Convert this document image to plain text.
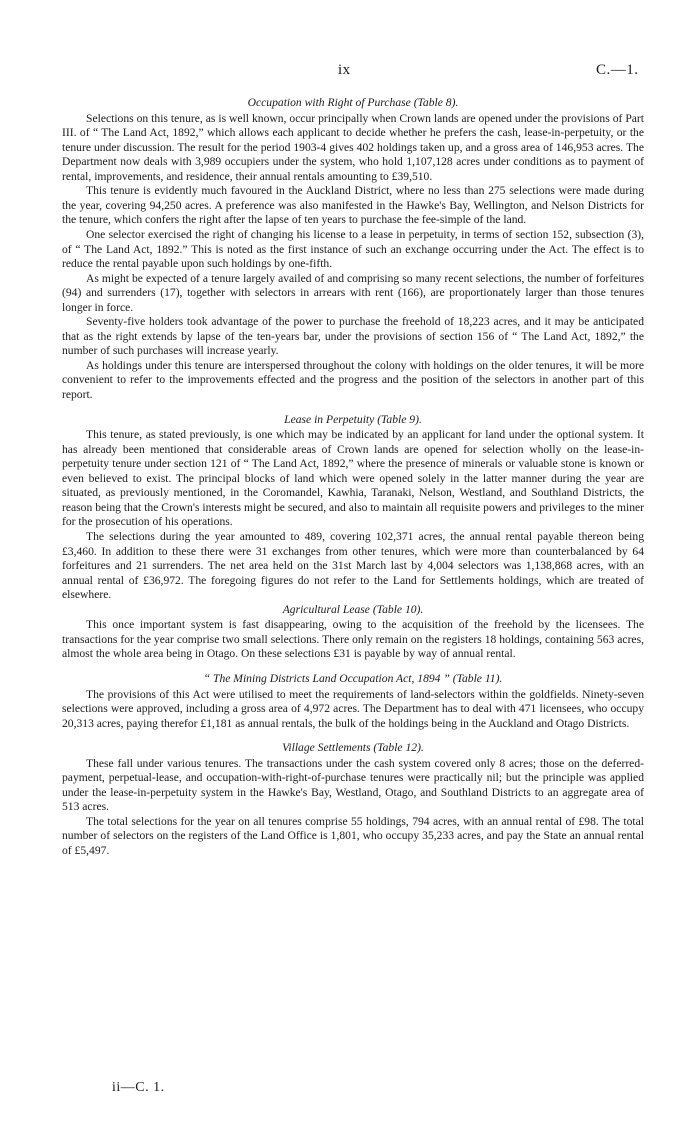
ix	C.—1.
Occupation with Right of Purchase (Table 8).

Selections on this tenure, as is well known, occur principally when Crown lands are opened under the provisions of Part III. of “ The Land Act, 1892,” which allows each applicant to decide whether he prefers the cash, lease-in-perpetuity, or the tenure under discussion. The result for the period 1903-4 gives 402 holdings taken up, and a gross area of 146,953 acres. The Department now deals with 3,989 occupiers under the system, who hold 1,107,128 acres under conditions as to payment of rental, improvements, and residence, their annual rentals amounting to £39,510.

This tenure is evidently much favoured in the Auckland District, where no less than 275 selections were made during the year, covering 94,250 acres. A preference was also manifested in the Hawke's Bay, Wellington, and Nelson Districts for the tenure, which confers the right after the lapse of ten years to purchase the fee-simple of the land.

One selector exercised the right of changing his license to a lease in perpetuity, in terms of section 152, subsection (3), of “ The Land Act, 1892.” This is noted as the first instance of such an exchange occurring under the Act. The effect is to reduce the rental payable upon such holdings by one-fifth.

As might be expected of a tenure largely availed of and comprising so many recent selections, the number of forfeitures (94) and surrenders (17), together with selectors in arrears with rent (166), are proportionately larger than those tenures longer in force.

Seventy-five holders took advantage of the power to purchase the freehold of 18,223 acres, and it may be anticipated that as the right extends by lapse of the ten-years bar, under the provisions of section 156 of “ The Land Act, 1892,” the number of such purchases will increase yearly.

As holdings under this tenure are interspersed throughout the colony with holdings on the older tenures, it will be more convenient to refer to the improvements effected and the progress and the position of the selectors in another part of this report.

Lease in Perpetuity (Table 9).

This tenure, as stated previously, is one which may be indicated by an applicant for land under the optional system. It has already been mentioned that considerable areas of Crown lands are opened for selection wholly on the lease-in-perpetuity tenure under section 121 of “ The Land Act, 1892,” where the presence of minerals or valuable stone is known or even believed to exist. The principal blocks of land which were opened solely in the latter manner during the year are situated, as previously mentioned, in the Coromandel, Kawhia, Taranaki, Nelson, Westland, and Southland Districts, the reason being that the Crown's interests might be secured, and also to maintain all requisite powers and privileges to the miner for the prosecution of his operations.

The selections during the year amounted to 489, covering 102,371 acres, the annual rental payable thereon being £3,460. In addition to these there were 31 exchanges from other tenures, which were more than counterbalanced by 64 forfeitures and 21 surrenders. The net area held on the 31st March last by 4,004 selectors was 1,138,868 acres, with an annual rental of £36,972. The foregoing figures do not refer to the Land for Settlements holdings, which are treated of elsewhere.

Agricultural Lease (Table 10).

This once important system is fast disappearing, owing to the acquisition of the freehold by the licensees. The transactions for the year comprise two small selections. There only remain on the registers 18 holdings, containing 563 acres, almost the whole area being in Otago. On these selections £31 is payable by way of annual rental.

“ The Mining Districts Land Occupation Act, 1894 ” (Table 11).

The provisions of this Act were utilised to meet the requirements of land-selectors within the goldfields. Ninety-seven selections were approved, including a gross area of 4,972 acres. The Department has to deal with 471 licensees, who occupy 20,313 acres, paying therefor £1,181 as annual rentals, the bulk of the holdings being in the Auckland and Otago Districts.

Village Settlements (Table 12).

These fall under various tenures. The transactions under the cash system covered only 8 acres; those on the deferred-payment, perpetual-lease, and occupation-with-right-of-purchase tenures were practically nil; but the principle was applied under the lease-in-perpetuity system in the Hawke's Bay, Westland, Otago, and Southland Districts to an aggregate area of 513 acres.

The total selections for the year on all tenures comprise 55 holdings, 794 acres, with an annual rental of £98. The total number of selectors on the registers of the Land Office is 1,801, who occupy 35,233 acres, and pay the State an annual rental of £5,497.

ii—C. 1.
